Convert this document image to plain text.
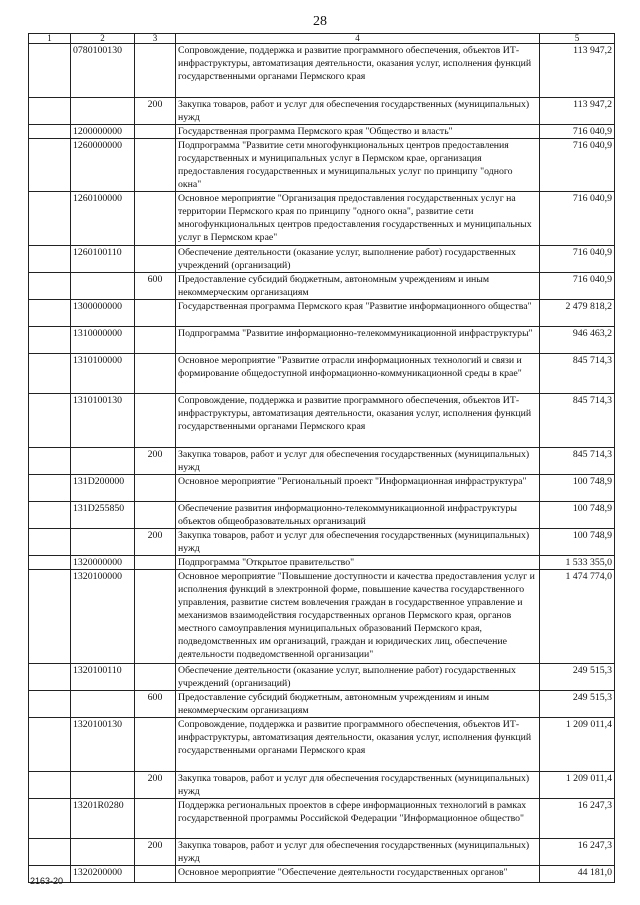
28
1	2	3	4	5
	0780100130		Сопровождение, поддержка и развитие программного обеспечения, объектов ИТ-инфраструктуры, автоматизация деятельности, оказания услуг, исполнения функций государственными органами Пермского края	113 947,2
		200	Закупка товаров, работ и услуг для обеспечения государственных (муниципальных) нужд	113 947,2
	1200000000		Государственная программа Пермского края "Общество и власть"	716 040,9
	1260000000		Подпрограмма "Развитие сети многофункциональных центров предоставления государственных и муниципальных услуг в Пермском крае, организация предоставления государственных и муниципальных услуг по принципу "одного окна"	716 040,9
	1260100000		Основное мероприятие "Организация предоставления государственных услуг на территории Пермского края по принципу "одного окна", развитие сети многофункциональных центров предоставления государственных и муниципальных услуг в Пермском крае"	716 040,9
	1260100110		Обеспечение деятельности (оказание услуг, выполнение работ) государственных учреждений (организаций)	716 040,9
		600	Предоставление субсидий бюджетным, автономным учреждениям и иным некоммерческим организациям	716 040,9
	1300000000		Государственная программа Пермского края "Развитие информационного общества"	2 479 818,2
	1310000000		Подпрограмма "Развитие информационно-телекоммуникационной инфраструктуры"	946 463,2
	1310100000		Основное мероприятие "Развитие отрасли информационных технологий и связи и формирование общедоступной информационно-коммуникационной среды в крае"	845 714,3
	1310100130		Сопровождение, поддержка и развитие программного обеспечения, объектов ИТ-инфраструктуры, автоматизация деятельности, оказания услуг, исполнения функций государственными органами Пермского края	845 714,3
		200	Закупка товаров, работ и услуг для обеспечения государственных (муниципальных) нужд	845 714,3
	131D200000		Основное мероприятие "Региональный проект "Информационная инфраструктура"	100 748,9
	131D255850		Обеспечение развития информационно-телекоммуникационной инфраструктуры объектов общеобразовательных организаций	100 748,9
		200	Закупка товаров, работ и услуг для обеспечения государственных (муниципальных) нужд	100 748,9
	1320000000		Подпрограмма "Открытое правительство"	1 533 355,0
	1320100000		Основное мероприятие "Повышение доступности и качества предоставления услуг и исполнения функций в электронной форме, повышение качества государственного управления, развитие систем вовлечения граждан в государственное управление и механизмов взаимодействия государственных органов Пермского края, органов местного самоуправления муниципальных образований Пермского края, подведомственных им организаций, граждан и юридических лиц, обеспечение деятельности подведомственной организации"	1 474 774,0
	1320100110		Обеспечение деятельности (оказание услуг, выполнение работ) государственных учреждений (организаций)	249 515,3
		600	Предоставление субсидий бюджетным, автономным учреждениям и иным некоммерческим организациям	249 515,3
	1320100130		Сопровождение, поддержка и развитие программного обеспечения, объектов ИТ-инфраструктуры, автоматизация деятельности, оказания услуг, исполнения функций государственными органами Пермского края	1 209 011,4
		200	Закупка товаров, работ и услуг для обеспечения государственных (муниципальных) нужд	1 209 011,4
	13201R0280		Поддержка региональных проектов в сфере информационных технологий в рамках государственной программы Российской Федерации "Информационное общество"	16 247,3
		200	Закупка товаров, работ и услуг для обеспечения государственных (муниципальных) нужд	16 247,3
	1320200000		Основное мероприятие "Обеспечение деятельности государственных органов"	44 181,0
2163-20
